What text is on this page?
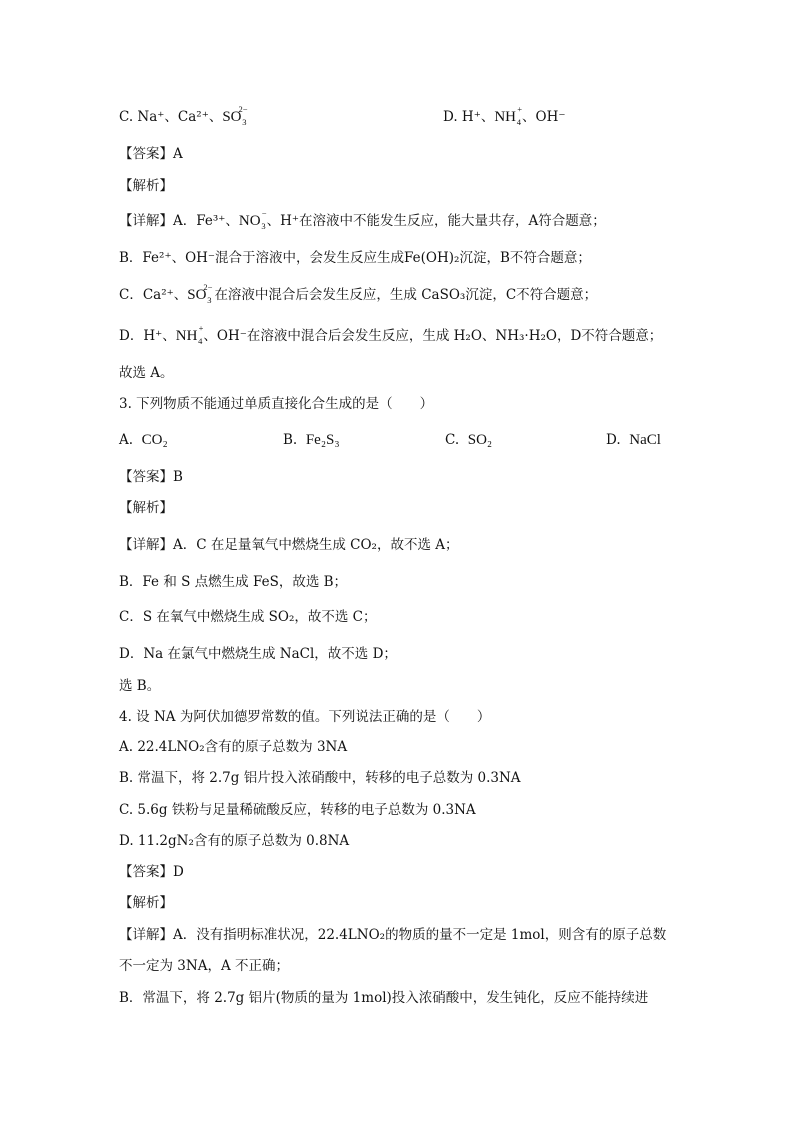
C. Na⁺、Ca²⁺、SO
2−
3	D. H⁺、NH +
4 、OH⁻
【答案】A
【解析】
【详解】A．Fe³⁺、NO −
3 、H⁺在溶液中不能发生反应，能大量共存，A符合题意；
B．Fe²⁺、OH⁻混合于溶液中，会发生反应生成Fe(OH)₂沉淀，B不符合题意；
C．Ca²⁺、SO
2−
3 在溶液中混合后会发生反应，生成 CaSO₃沉淀，C不符合题意；
D．H⁺、NH +
4 、OH⁻在溶液中混合后会发生反应，生成 H₂O、NH₃·H₂O，D不符合题意；
故选 A。
3. 下列物质不能通过单质直接化合生成的是（　　）
A. CO₂	B. Fe₂S₃	C. SO₂	D. NaCl
【答案】B
【解析】
【详解】A．C 在足量氧气中燃烧生成 CO₂，故不选 A；
B．Fe 和 S 点燃生成 FeS，故选 B；
C．S 在氧气中燃烧生成 SO₂，故不选 C；
D．Na 在氯气中燃烧生成 NaCl，故不选 D；
选 B。
4. 设 NA 为阿伏加德罗常数的值。下列说法正确的是（　　）
A. 22.4LNO₂含有的原子总数为 3NA
B. 常温下，将 2.7g 铝片投入浓硝酸中，转移的电子总数为 0.3NA
C. 5.6g 铁粉与足量稀硫酸反应，转移的电子总数为 0.3NA
D. 11.2gN₂含有的原子总数为 0.8NA
【答案】D
【解析】
【详解】A．没有指明标准状况，22.4LNO₂的物质的量不一定是 1mol，则含有的原子总数
不一定为 3NA，A 不正确；
B．常温下，将 2.7g 铝片(物质的量为 1mol)投入浓硝酸中，发生钝化，反应不能持续进
